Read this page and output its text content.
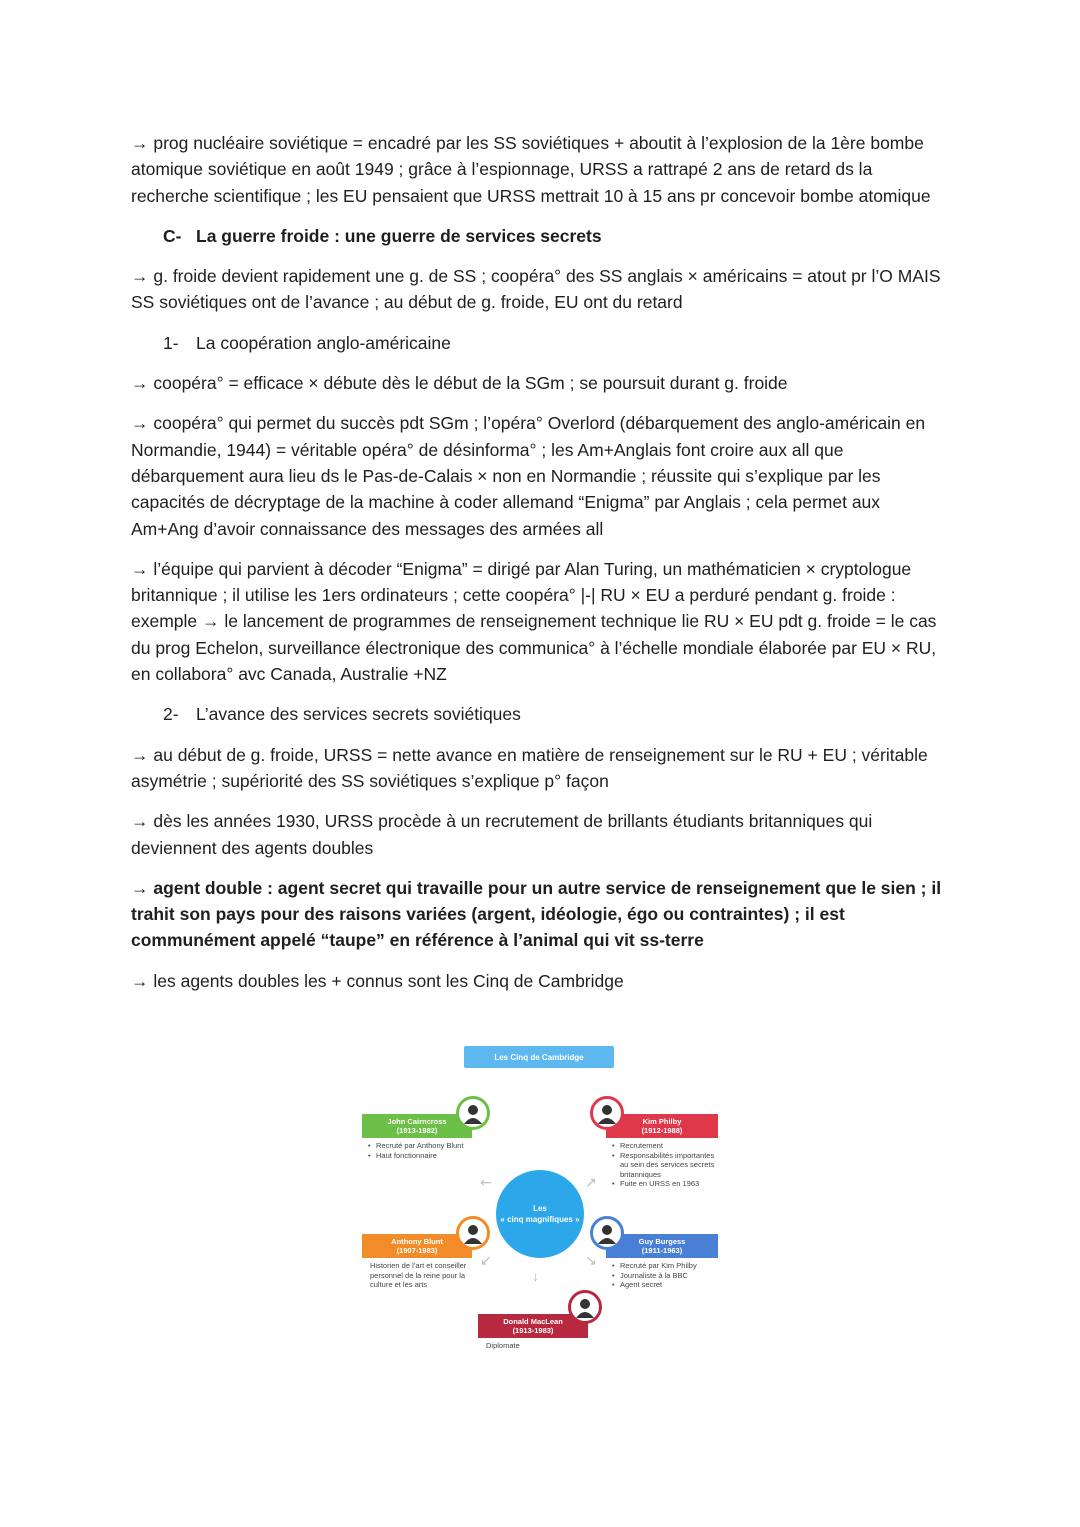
→ prog nucléaire soviétique = encadré par les SS soviétiques + aboutit à l’explosion de la 1ère bombe atomique soviétique en août 1949 ; grâce à l’espionnage, URSS a rattrapé 2 ans de retard ds la recherche scientifique ; les EU pensaient que URSS mettrait 10 à 15 ans pr concevoir bombe atomique

C- La guerre froide : une guerre de services secrets

→ g. froide devient rapidement une g. de SS ; coopéra° des SS anglais × américains = atout pr l’O MAIS SS soviétiques ont de l’avance ; au début de g. froide, EU ont du retard

1- La coopération anglo-américaine

→ coopéra° = efficace × débute dès le début de la SGm ; se poursuit durant g. froide

→ coopéra° qui permet du succès pdt SGm ; l’opéra° Overlord (débarquement des anglo-américain en Normandie, 1944) = véritable opéra° de désinforma° ; les Am+Anglais font croire aux all que débarquement aura lieu ds le Pas-de-Calais × non en Normandie ; réussite qui s’explique par les capacités de décryptage de la machine à coder allemand “Enigma” par Anglais ; cela permet aux Am+Ang d’avoir connaissance des messages des armées all

→ l’équipe qui parvient à décoder “Enigma” = dirigé par Alan Turing, un mathématicien × cryptologue britannique ; il utilise les 1ers ordinateurs ; cette coopéra° |-| RU × EU a perduré pendant g. froide : exemple → le lancement de programmes de renseignement technique lie RU × EU pdt g. froide = le cas du prog Echelon, surveillance électronique des communica° à l’échelle mondiale élaborée par EU × RU, en collabora° avc Canada, Australie +NZ

2- L’avance des services secrets soviétiques

→ au début de g. froide, URSS = nette avance en matière de renseignement sur le RU + EU ; véritable asymétrie ; supériorité des SS soviétiques s’explique p° façon

→ dès les années 1930, URSS procède à un recrutement de brillants étudiants britanniques qui deviennent des agents doubles

→ agent double : agent secret qui travaille pour un autre service de renseignement que le sien ; il trahit son pays pour des raisons variées (argent, idéologie, égo ou contraintes) ; il est communément appelé “taupe” en référence à l’animal qui vit ss-terre

→ les agents doubles les + connus sont les Cinq de Cambridge

Les Cinq de Cambridge
Les
« cinq magnifiques »
↖	↗
↙	↘
↓
John Cairncross
(1913-1982)
• Recruté par Anthony Blunt
• Haut fonctionnaire
Kim Philby
(1912-1988)
• Recrutement
• Responsabilités importantes au sein des services secrets britanniques
• Fuite en URSS en 1963
Anthony Blunt
(1907-1983)
Historien de l’art et conseiller personnel de la reine pour la culture et les arts
Guy Burgess
(1911-1963)
• Recruté par Kim Philby
• Journaliste à la BBC
• Agent secret
Donald MacLean
(1913-1983)
Diplomate
